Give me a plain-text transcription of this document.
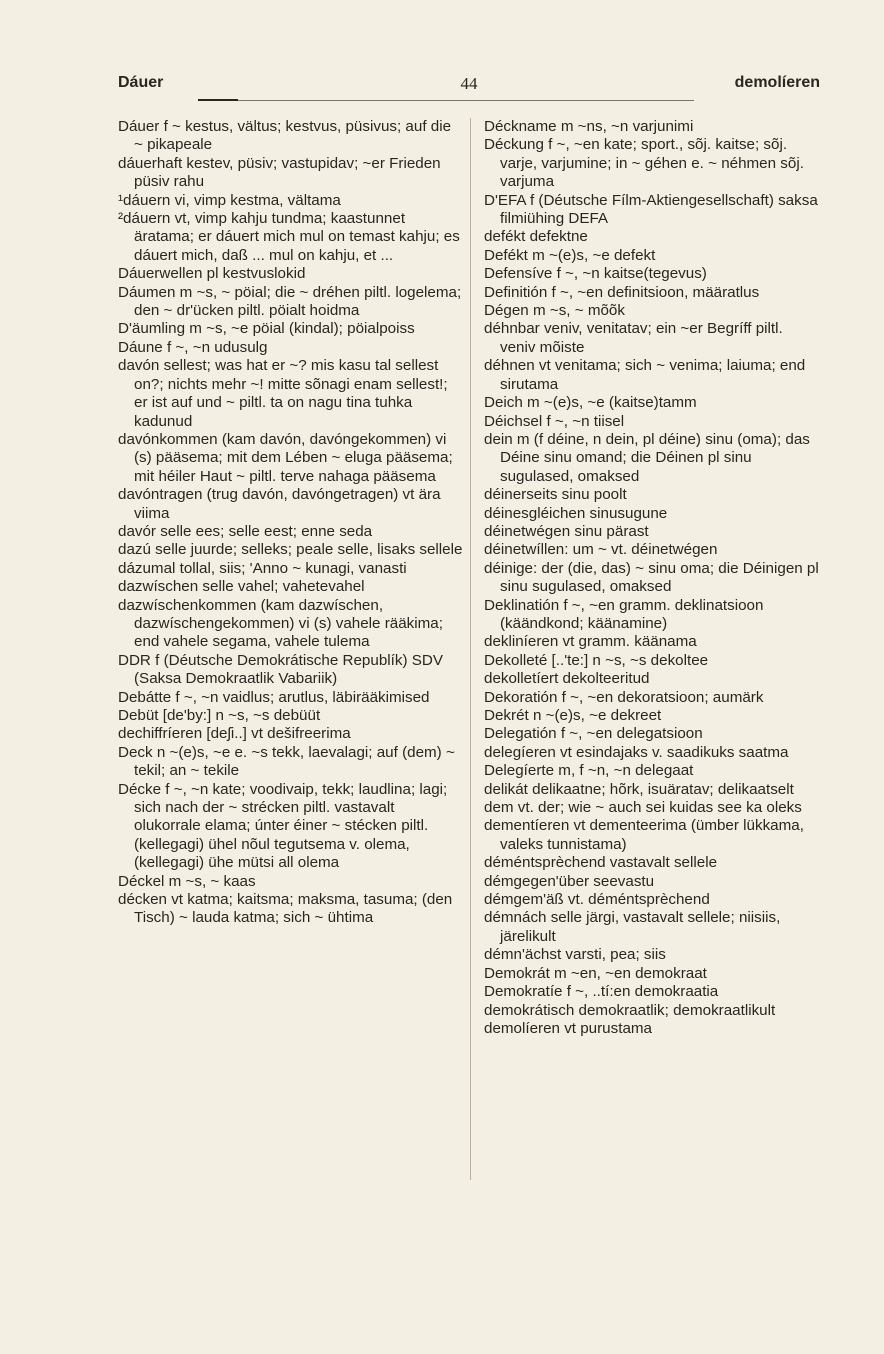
Dáuer	44	demolíeren
Dáuer f ~ kestus, vältus; kestvus, püsivus; auf die ~ pikapeale
dáuerhaft kestev, püsiv; vastupidav; ~er Frieden püsiv rahu
¹dáuern vi, vimp kestma, vältama
²dáuern vt, vimp kahju tundma; kaastunnet äratama; er dáuert mich mul on temast kahju; es dáuert mich, daß ... mul on kahju, et ...
Dáuerwellen pl kestvuslokid
Dáumen m ~s, ~ pöial; die ~ dréhen piltl. logelema; den ~ dr'ücken piltl. pöialt hoidma
D'äumling m ~s, ~e pöial (kindal); pöialpoiss
Dáune f ~, ~n udusulg
davón sellest; was hat er ~? mis kasu tal sellest on?; nichts mehr ~! mitte sõnagi enam sellest!; er ist auf und ~ piltl. ta on nagu tina tuhka kadunud
davónkommen (kam davón, davóngekommen) vi (s) pääsema; mit dem Lében ~ eluga pääsema; mit héiler Haut ~ piltl. terve nahaga pääsema
davóntragen (trug davón, davóngetragen) vt ära viima
davór selle ees; selle eest; enne seda
dazú selle juurde; selleks; peale selle, lisaks sellele
dázumal tollal, siis; 'Anno ~ kunagi, vanasti
dazwíschen selle vahel; vahetevahel
dazwíschenkommen (kam dazwíschen, dazwíschengekommen) vi (s) vahele rääkima; end vahele segama, vahele tulema
DDR f (Déutsche Demokrátische Republík) SDV (Saksa Demokraatlik Vabariik)
Debátte f ~, ~n vaidlus; arutlus, läbirääkimised
Debüt [de'by:] n ~s, ~s debüüt
dechiffríeren [deʃi..] vt dešifreerima
Deck n ~(e)s, ~e e. ~s tekk, laevalagi; auf (dem) ~ tekil; an ~ tekile
Décke f ~, ~n kate; voodivaip, tekk; laudlina; lagi; sich nach der ~ strécken piltl. vastavalt olukorrale elama; únter éiner ~ stécken piltl. (kellegagi) ühel nõul tegutsema v. olema, (kellegagi) ühe mütsi all olema
Déckel m ~s, ~ kaas
décken vt katma; kaitsma; maksma, tasuma; (den Tisch) ~ lauda katma; sich ~ ühtima
Déckname m ~ns, ~n varjunimi
Déckung f ~, ~en kate; sport., sõj. kaitse; sõj. varje, varjumine; in ~ géhen e. ~ néhmen sõj. varjuma
D'EFA f (Déutsche Fílm-Aktiengesellschaft) saksa filmiühing DEFA
defékt defektne
Defékt m ~(e)s, ~e defekt
Defensíve f ~, ~n kaitse(tegevus)
Definitión f ~, ~en definitsioon, määratlus
Dégen m ~s, ~ mõõk
déhnbar veniv, venitatav; ein ~er Begríff piltl. veniv mõiste
déhnen vt venitama; sich ~ venima; laiuma; end sirutama
Deich m ~(e)s, ~e (kaitse)tamm
Déichsel f ~, ~n tiisel
dein m (f déine, n dein, pl déine) sinu (oma); das Déine sinu omand; die Déinen pl sinu sugulased, omaksed
déinerseits sinu poolt
déinesgléichen sinusugune
déinetwégen sinu pärast
déinetwíllen: um ~ vt. déinetwégen
déinige: der (die, das) ~ sinu oma; die Déinigen pl sinu sugulased, omaksed
Deklinatión f ~, ~en gramm. deklinatsioon (käändkond; käänamine)
dekliníeren vt gramm. käänama
Dekolleté [..'te:] n ~s, ~s dekoltee
dekolletíert dekolteeritud
Dekoratión f ~, ~en dekoratsioon; aumärk
Dekrét n ~(e)s, ~e dekreet
Delegatión f ~, ~en delegatsioon
delegíeren vt esindajaks v. saadikuks saatma
Delegíerte m, f ~n, ~n delegaat
delikát delikaatne; hõrk, isuäratav; delikaatselt
dem vt. der; wie ~ auch sei kuidas see ka oleks
dementíeren vt dementeerima (ümber lükkama, valeks tunnistama)
déméntsprèchend vastavalt sellele
démgegen'über seevastu
démgem'äß vt. déméntsprèchend
démnách selle järgi, vastavalt sellele; niisiis, järelikult
démn'ächst varsti, pea; siis
Demokrát m ~en, ~en demokraat
Demokratíe f ~, ..tí:en demokraatia
demokrátisch demokraatlik; demokraatlikult
demolíeren vt purustama
